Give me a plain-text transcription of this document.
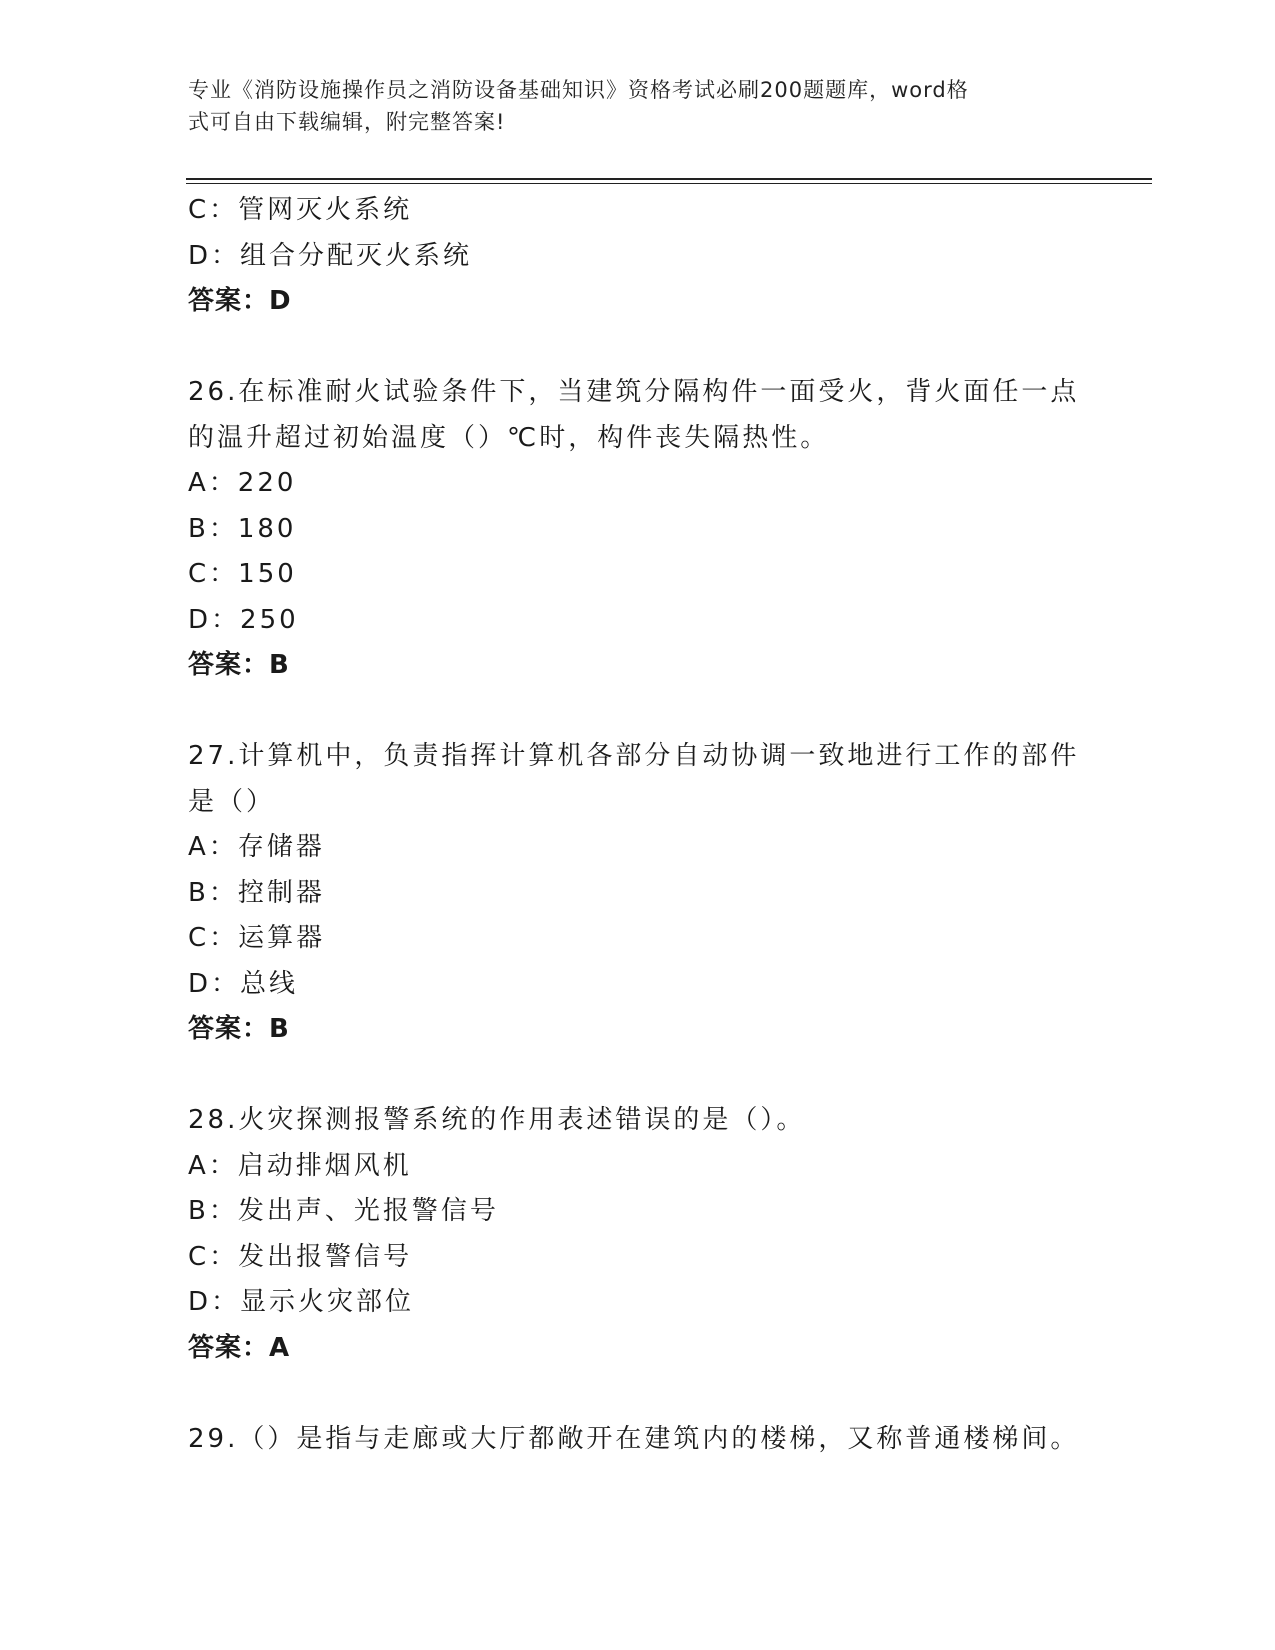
专业《消防设施操作员之消防设备基础知识》资格考试必刷200题题库，word格
式可自由下载编辑，附完整答案!
C：管网灭火系统
D：组合分配灭火系统
答案：D
26.在标准耐火试验条件下，当建筑分隔构件一面受火，背火面任一点
的温升超过初始温度（）℃时，构件丧失隔热性。
A：220
B：180
C：150
D：250
答案：B
27.计算机中，负责指挥计算机各部分自动协调一致地进行工作的部件
是（）
A：存储器
B：控制器
C：运算器
D：总线
答案：B
28.火灾探测报警系统的作用表述错误的是（）。
A：启动排烟风机
B：发出声、光报警信号
C：发出报警信号
D：显示火灾部位
答案：A
29.（）是指与走廊或大厅都敞开在建筑内的楼梯，又称普通楼梯间。
